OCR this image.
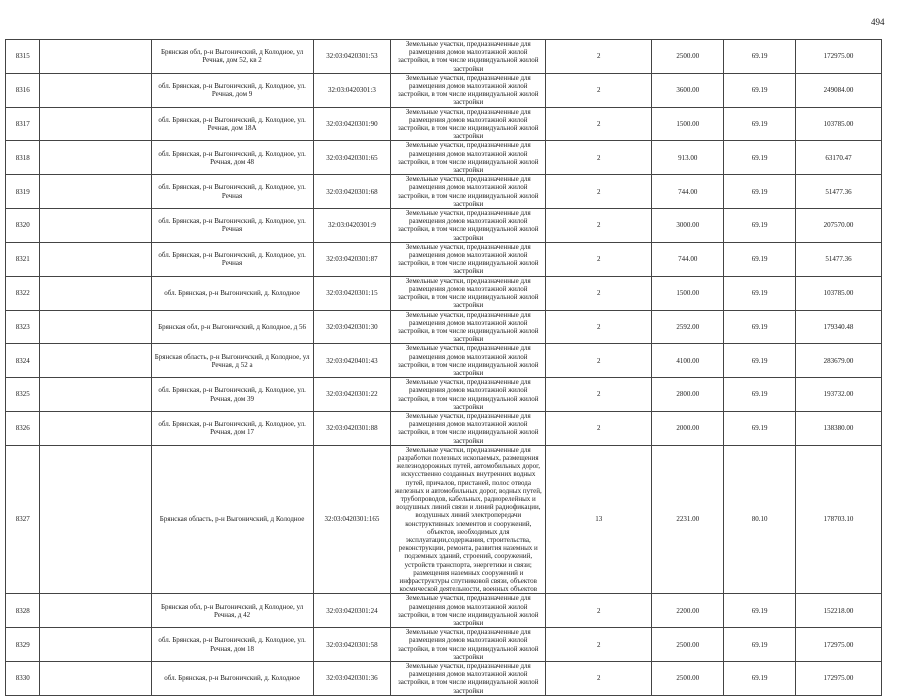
494
8315		Брянская обл, р-н Выгоничский, д Колодное, ул Речная, дом 52, кв 2	32:03:0420301:53	Земельные участки, предназначенные для размещения домов малоэтажной жилой застройки, в том числе индивидуальной жилой застройки	2	2500.00	69.19	172975.00
8316		обл. Брянская, р-н Выгоничский, д. Колодное, ул. Речная, дом 9	32:03:0420301:3	Земельные участки, предназначенные для размещения домов малоэтажной жилой застройки, в том числе индивидуальной жилой застройки	2	3600.00	69.19	249084.00
8317		обл. Брянская, р-н Выгоничский, д. Колодное, ул. Речная, дом 18А	32:03:0420301:90	Земельные участки, предназначенные для размещения домов малоэтажной жилой застройки, в том числе индивидуальной жилой застройки	2	1500.00	69.19	103785.00
8318		обл. Брянская, р-н Выгоничский, д. Колодное, ул. Речная, дом 48	32:03:0420301:65	Земельные участки, предназначенные для размещения домов малоэтажной жилой застройки, в том числе индивидуальной жилой застройки	2	913.00	69.19	63170.47
8319		обл. Брянская, р-н Выгоничский, д. Колодное, ул. Речная	32:03:0420301:68	Земельные участки, предназначенные для размещения домов малоэтажной жилой застройки, в том числе индивидуальной жилой застройки	2	744.00	69.19	51477.36
8320		обл. Брянская, р-н Выгоничский, д. Колодное, ул. Речная	32:03:0420301:9	Земельные участки, предназначенные для размещения домов малоэтажной жилой застройки, в том числе индивидуальной жилой застройки	2	3000.00	69.19	207570.00
8321		обл. Брянская, р-н Выгоничский, д. Колодное, ул. Речная	32:03:0420301:87	Земельные участки, предназначенные для размещения домов малоэтажной жилой застройки, в том числе индивидуальной жилой застройки	2	744.00	69.19	51477.36
8322		обл. Брянская, р-н Выгоничский, д. Колодное	32:03:0420301:15	Земельные участки, предназначенные для размещения домов малоэтажной жилой застройки, в том числе индивидуальной жилой застройки	2	1500.00	69.19	103785.00
8323		Брянская обл, р-н Выгоничский, д Колодное, д 56	32:03:0420301:30	Земельные участки, предназначенные для размещения домов малоэтажной жилой застройки, в том числе индивидуальной жилой застройки	2	2592.00	69.19	179340.48
8324		Брянская область, р-н Выгоничский, д Колодное, ул Речная, д 52 а	32:03:0420401:43	Земельные участки, предназначенные для размещения домов малоэтажной жилой застройки, в том числе индивидуальной жилой застройки	2	4100.00	69.19	283679.00
8325		обл. Брянская, р-н Выгоничский, д. Колодное, ул. Речная, дом 39	32:03:0420301:22	Земельные участки, предназначенные для размещения домов малоэтажной жилой застройки, в том числе индивидуальной жилой застройки	2	2800.00	69.19	193732.00
8326		обл. Брянская, р-н Выгоничский, д. Колодное, ул. Речная, дом 17	32:03:0420301:88	Земельные участки, предназначенные для размещения домов малоэтажной жилой застройки, в том числе индивидуальной жилой застройки	2	2000.00	69.19	138380.00
8327		Брянская область, р-н Выгоничский, д Колодное	32:03:0420301:165	Земельные участки, предназначенные для разработки полезных ископаемых, размещения железнодорожных путей, автомобильных дорог, искусственно созданных внутренних водных путей, причалов, пристаней, полос отвода железных и автомобильных дорог, водных путей, трубопроводов, кабельных, радиорелейных и воздушных линий связи и линий радиофикации, воздушных линий электропередачи конструктивных элементов и сооружений, объектов, необходимых для эксплуатации,содержания, строительства, реконструкции, ремонта, развития наземных и подземных зданий, строений, сооружений, устройств транспорта, энергетики и связи; размещения наземных сооружений и инфраструктуры спутниковой связи, объектов космической деятельности, военных объектов	13	2231.00	80.10	178703.10
8328		Брянская обл, р-н Выгоничский, д Колодное, ул Речная, д 42	32:03:0420301:24	Земельные участки, предназначенные для размещения домов малоэтажной жилой застройки, в том числе индивидуальной жилой застройки	2	2200.00	69.19	152218.00
8329		обл. Брянская, р-н Выгоничский, д. Колодное, ул. Речная, дом 18	32:03:0420301:58	Земельные участки, предназначенные для размещения домов малоэтажной жилой застройки, в том числе индивидуальной жилой застройки	2	2500.00	69.19	172975.00
8330		обл. Брянская, р-н Выгоничский, д. Колодное	32:03:0420301:36	Земельные участки, предназначенные для размещения домов малоэтажной жилой застройки, в том числе индивидуальной жилой застройки	2	2500.00	69.19	172975.00
